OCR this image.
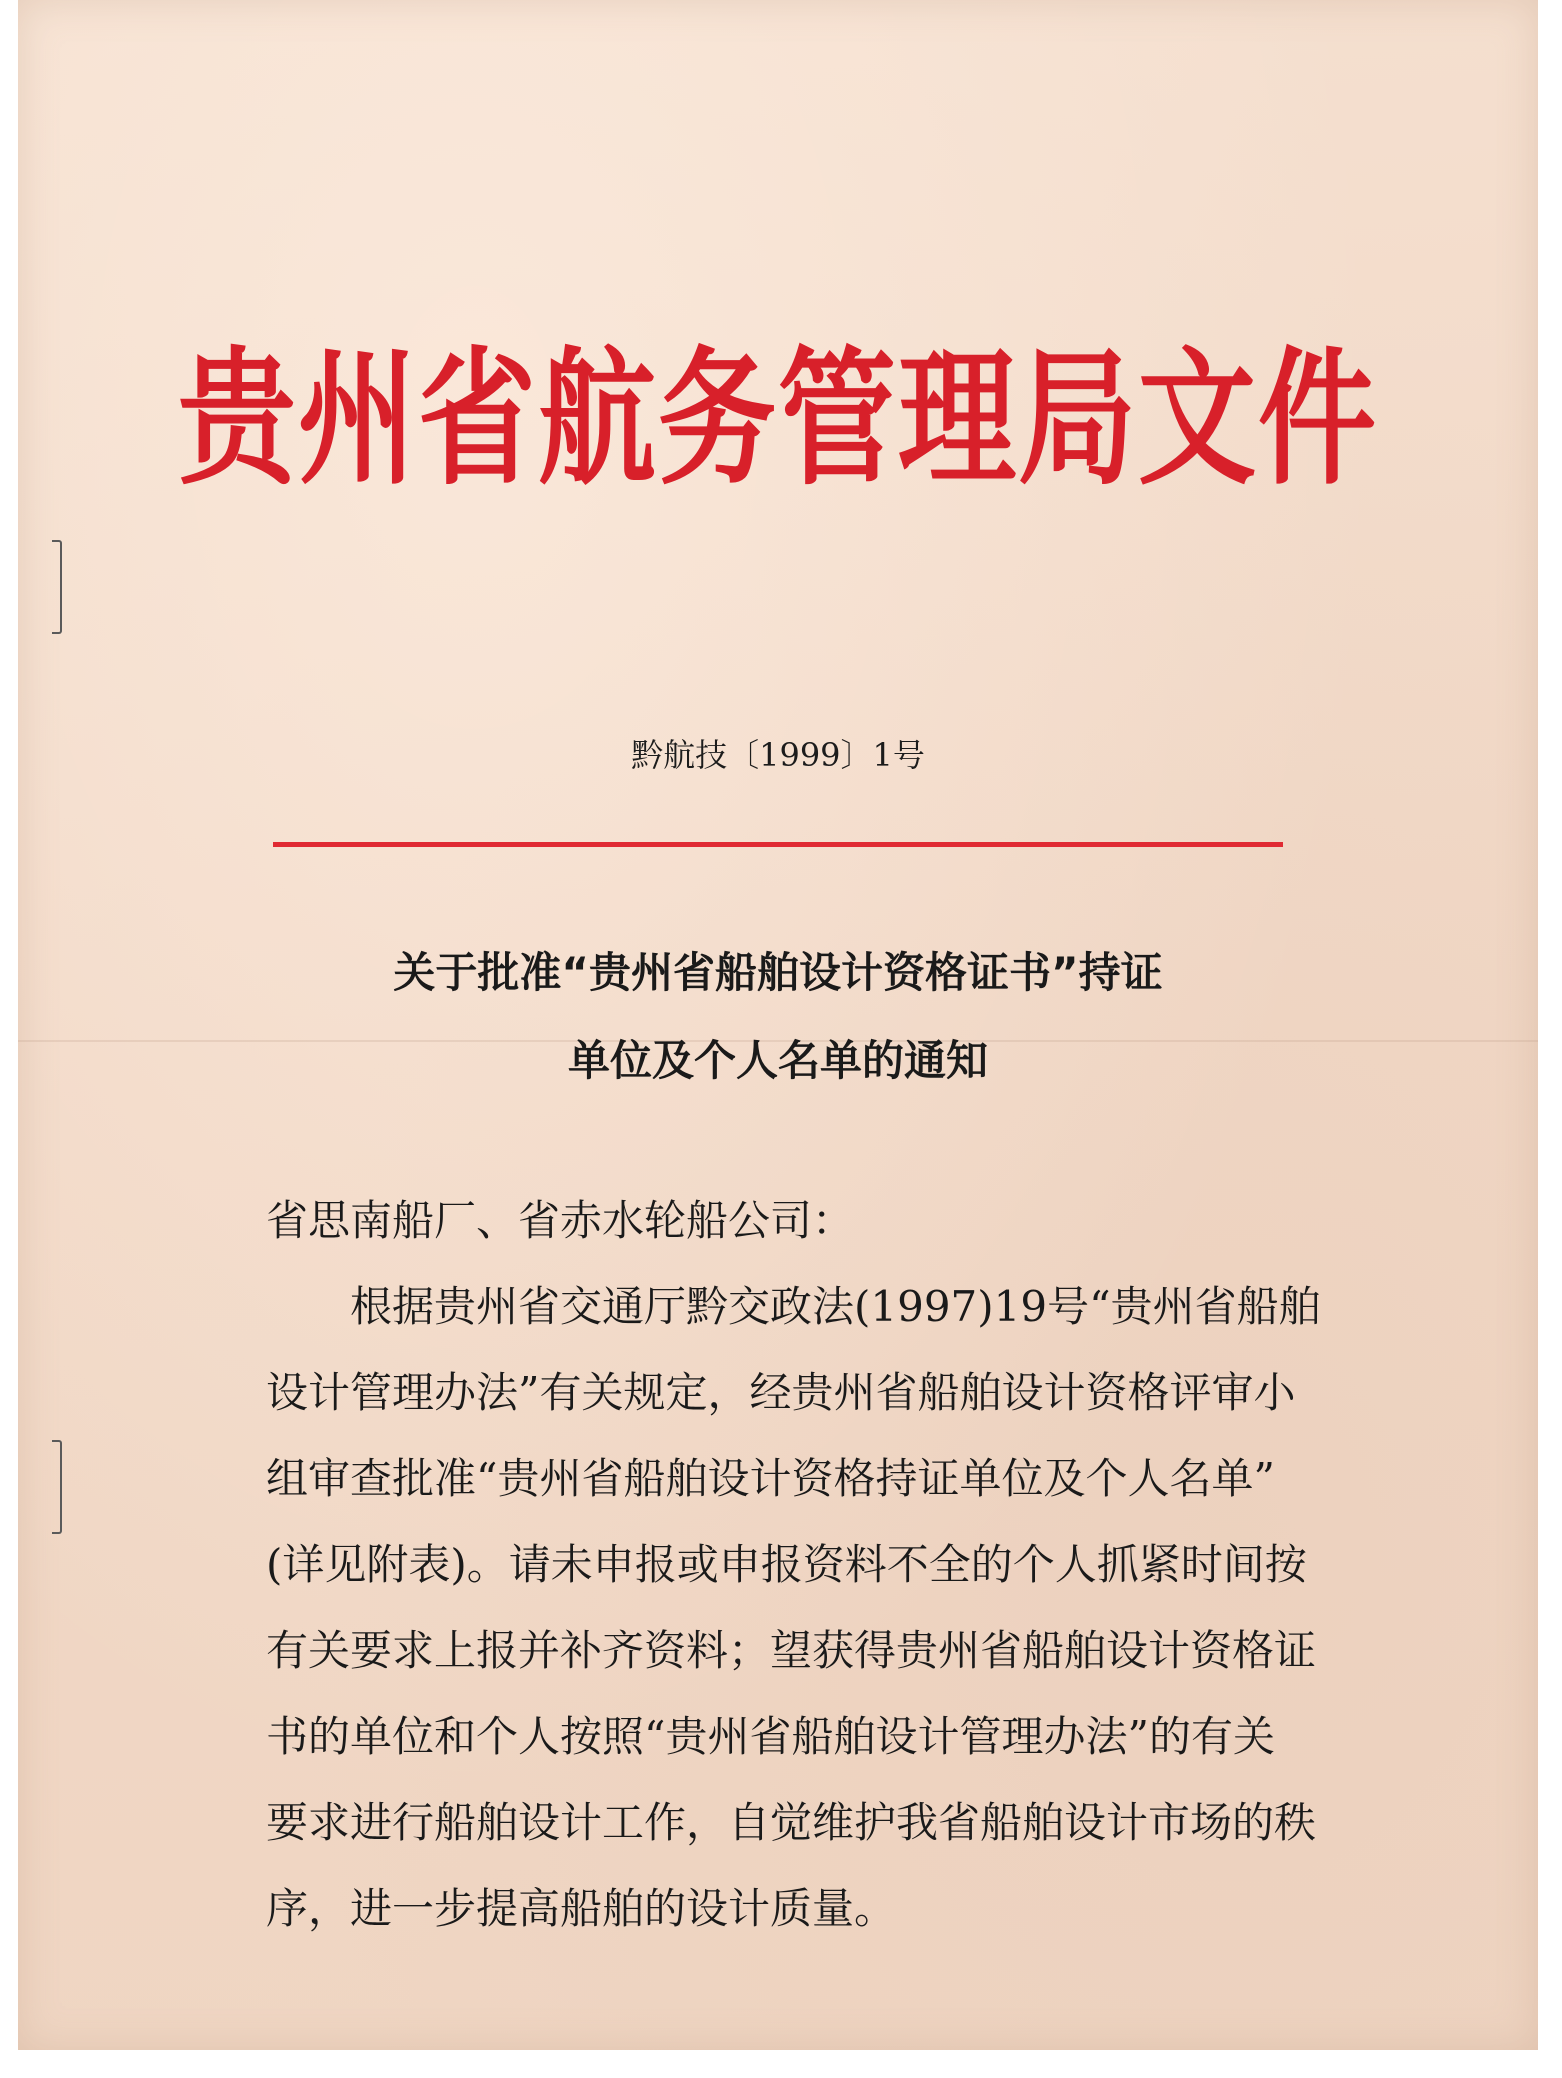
贵州省航务管理局文件
黔航技〔1999〕1号
关于批准“贵州省船舶设计资格证书”持证
单位及个人名单的通知
省思南船厂、省赤水轮船公司：
根据贵州省交通厅黔交政法(1997)19号“贵州省船舶
设计管理办法”有关规定，经贵州省船舶设计资格评审小
组审查批准“贵州省船舶设计资格持证单位及个人名单”
(详见附表)。请未申报或申报资料不全的个人抓紧时间按
有关要求上报并补齐资料；望获得贵州省船舶设计资格证
书的单位和个人按照“贵州省船舶设计管理办法”的有关
要求进行船舶设计工作，自觉维护我省船舶设计市场的秩
序，进一步提高船舶的设计质量。
